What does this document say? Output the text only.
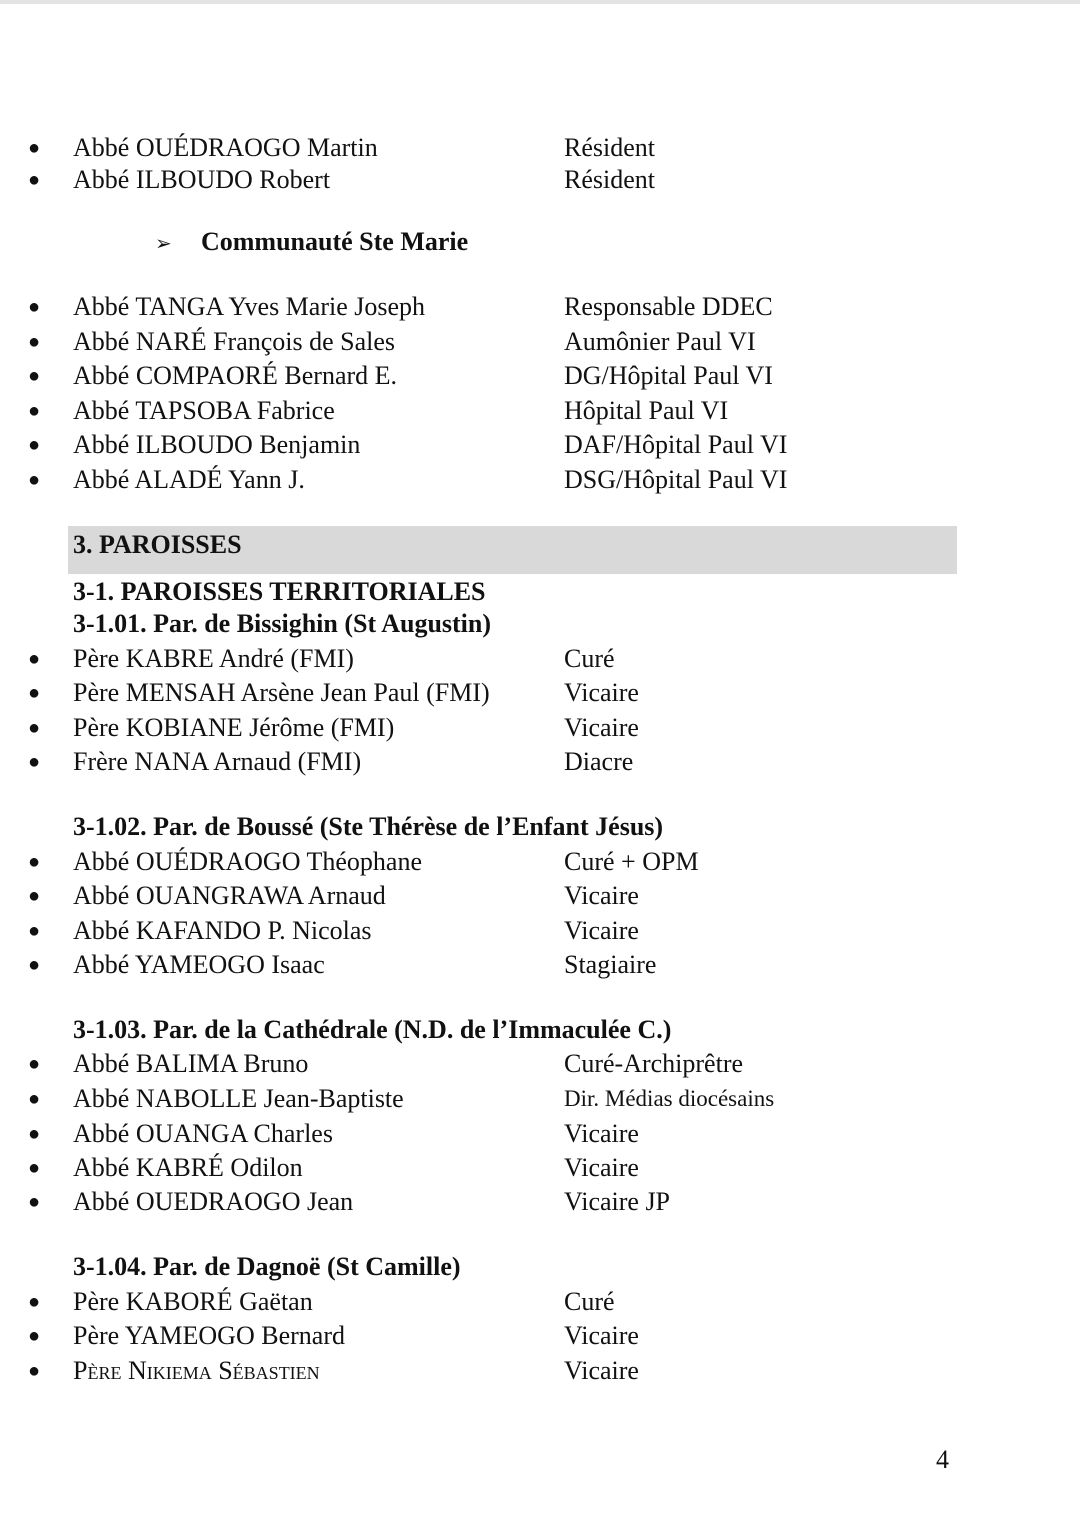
● Abbé OUÉDRAOGO Martin	Résident
● Abbé ILBOUDO Robert	Résident
➢ Communauté Ste Marie
● Abbé TANGA Yves Marie Joseph	Responsable DDEC
● Abbé NARÉ François de Sales	Aumônier Paul VI
● Abbé COMPAORÉ Bernard E.	DG/Hôpital Paul VI
● Abbé TAPSOBA Fabrice	Hôpital Paul VI
● Abbé ILBOUDO Benjamin	DAF/Hôpital Paul VI
● Abbé ALADÉ Yann J.	DSG/Hôpital Paul VI
3. PAROISSES
3-1. PAROISSES TERRITORIALES
3-1.01. Par. de Bissighin (St Augustin)
● Père KABRE André (FMI)	Curé
● Père MENSAH Arsène Jean Paul (FMI)	Vicaire
● Père KOBIANE Jérôme (FMI)	Vicaire
● Frère NANA Arnaud (FMI)	Diacre
3-1.02. Par. de Boussé (Ste Thérèse de l’Enfant Jésus)
● Abbé OUÉDRAOGO Théophane	Curé + OPM
● Abbé OUANGRAWA Arnaud	Vicaire
● Abbé KAFANDO P. Nicolas	Vicaire
● Abbé YAMEOGO Isaac	Stagiaire
3-1.03. Par. de la Cathédrale (N.D. de l’Immaculée C.)
● Abbé BALIMA Bruno	Curé-Archiprêtre
● Abbé NABOLLE Jean-Baptiste	Dir. Médias diocésains
● Abbé OUANGA Charles	Vicaire
● Abbé KABRÉ Odilon	Vicaire
● Abbé OUEDRAOGO Jean	Vicaire JP
3-1.04. Par. de Dagnoë (St Camille)
● Père KABORÉ Gaëtan	Curé
● Père YAMEOGO Bernard	Vicaire
● Père Nikiema Sébastien	Vicaire
4
